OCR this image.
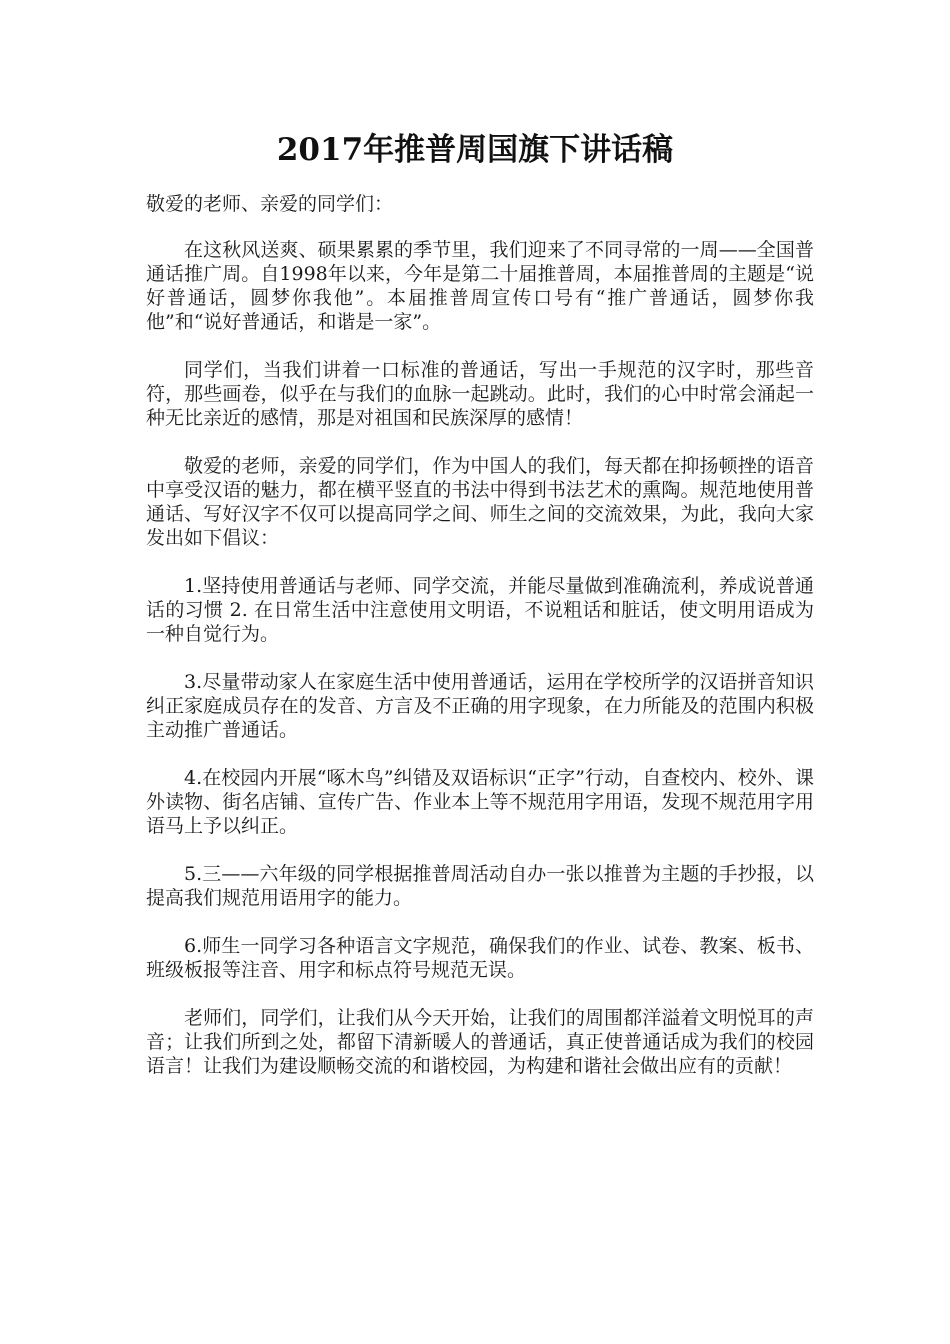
2017年推普周国旗下讲话稿

敬爱的老师、亲爱的同学们：

在这秋风送爽、硕果累累的季节里，我们迎来了不同寻常的一周——全国普通话推广周。自1998年以来，今年是第二十届推普周，本届推普周的主题是“说好普通话，圆梦你我他”。本届推普周宣传口号有“推广普通话，圆梦你我他”和“说好普通话，和谐是一家”。

同学们，当我们讲着一口标准的普通话，写出一手规范的汉字时，那些音符，那些画卷，似乎在与我们的血脉一起跳动。此时，我们的心中时常会涌起一种无比亲近的感情，那是对祖国和民族深厚的感情！

敬爱的老师，亲爱的同学们，作为中国人的我们，每天都在抑扬顿挫的语音中享受汉语的魅力，都在横平竖直的书法中得到书法艺术的熏陶。规范地使用普通话、写好汉字不仅可以提高同学之间、师生之间的交流效果，为此，我向大家发出如下倡议：

1.坚持使用普通话与老师、同学交流，并能尽量做到准确流利，养成说普通话的习惯 2. 在日常生活中注意使用文明语，不说粗话和脏话，使文明用语成为一种自觉行为。

3.尽量带动家人在家庭生活中使用普通话，运用在学校所学的汉语拼音知识纠正家庭成员存在的发音、方言及不正确的用字现象，在力所能及的范围内积极主动推广普通话。

4.在校园内开展“啄木鸟”纠错及双语标识“正字”行动，自查校内、校外、课外读物、街名店铺、宣传广告、作业本上等不规范用字用语，发现不规范用字用语马上予以纠正。

5.三——六年级的同学根据推普周活动自办一张以推普为主题的手抄报，以提高我们规范用语用字的能力。

6.师生一同学习各种语言文字规范，确保我们的作业、试卷、教案、板书、班级板报等注音、用字和标点符号规范无误。

老师们，同学们，让我们从今天开始，让我们的周围都洋溢着文明悦耳的声音；让我们所到之处，都留下清新暖人的普通话，真正使普通话成为我们的校园语言！让我们为建设顺畅交流的和谐校园，为构建和谐社会做出应有的贡献！
